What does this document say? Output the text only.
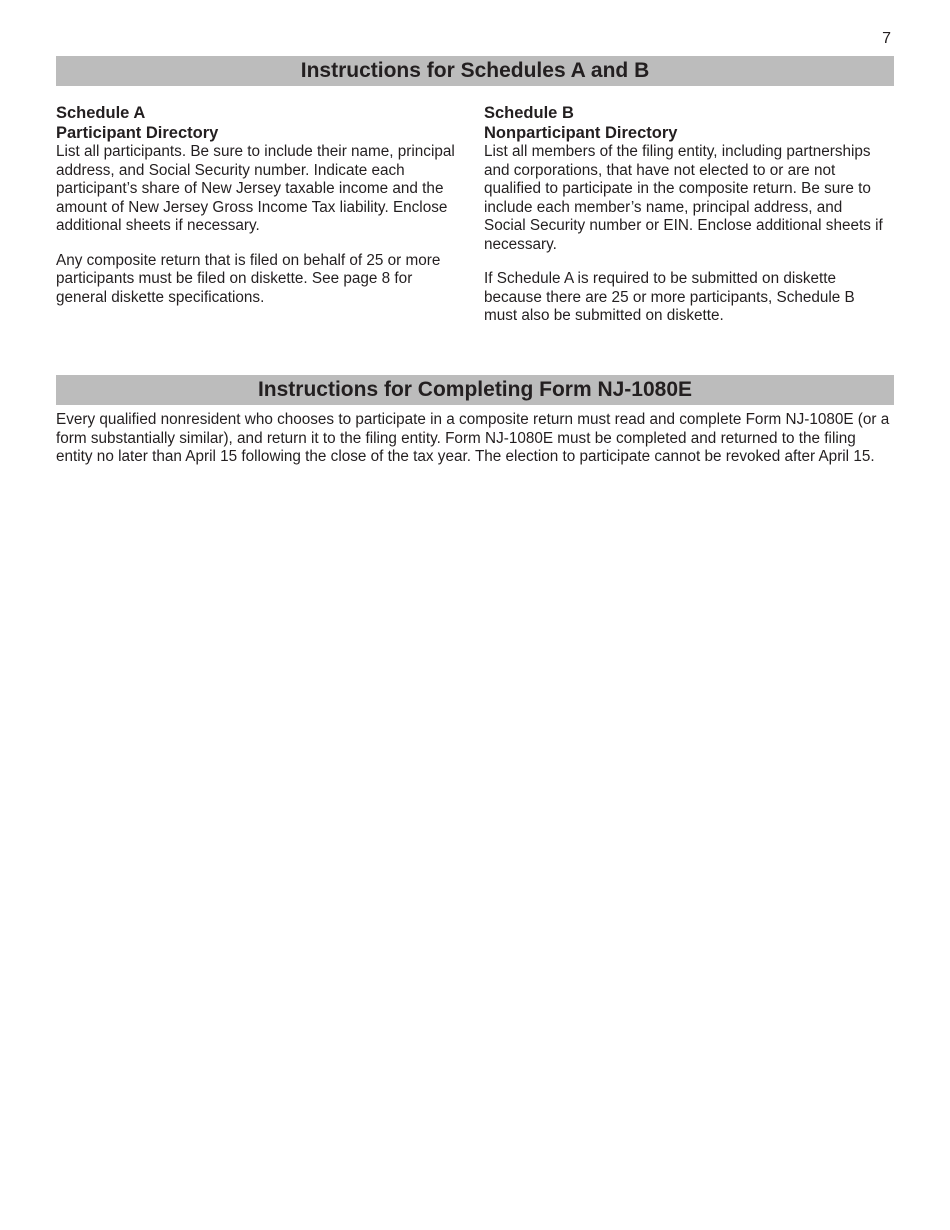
7
Instructions for Schedules A and B

Schedule A

Participant Directory

List all participants. Be sure to include their name, principal address, and Social Security number. Indicate each participant’s share of New Jersey taxable income and the amount of New Jersey Gross Income Tax liability. Enclose additional sheets if necessary.

Any composite return that is filed on behalf of 25 or more participants must be filed on diskette. See page 8 for general diskette specifications.

Schedule B

Nonparticipant Directory

List all members of the filing entity, including partnerships and corporations, that have not elected to or are not qualified to participate in the composite return. Be sure to include each member’s name, principal address, and Social Security number or EIN. Enclose additional sheets if necessary.

If Schedule A is required to be submitted on diskette because there are 25 or more participants, Schedule B must also be submitted on diskette.

Instructions for Completing Form NJ-1080E

Every qualified nonresident who chooses to participate in a composite return must read and complete Form NJ-1080E (or a form substantially similar), and return it to the filing entity. Form NJ-1080E must be completed and returned to the filing entity no later than April 15 following the close of the tax year. The election to participate cannot be revoked after April 15.
